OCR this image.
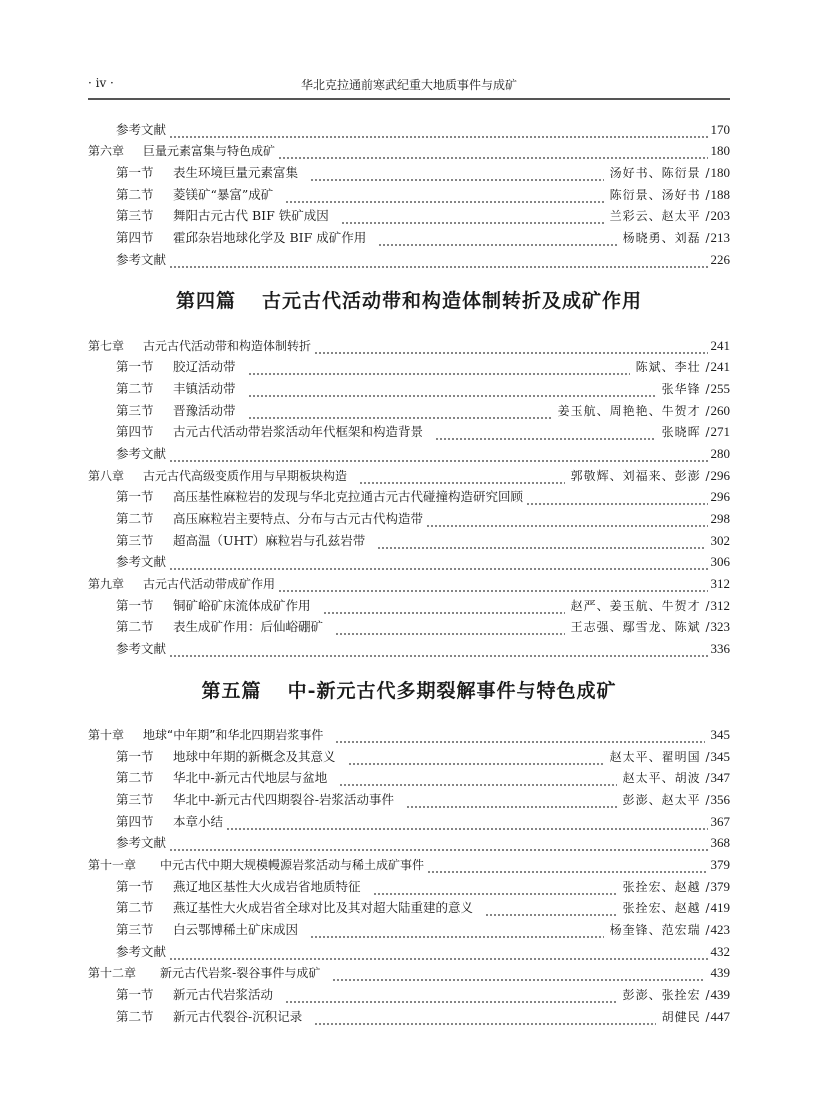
· iv ·	华北克拉通前寒武纪重大地质事件与成矿
参考文献	170
第六章	巨量元素富集与特色成矿	180
第一节	表生环境巨量元素富集	汤好书、陈衍景 / 180
第二节	菱镁矿“暴富”成矿	陈衍景、汤好书 / 188
第三节	舞阳古元古代 BIF 铁矿成因	兰彩云、赵太平 / 203
第四节	霍邱杂岩地球化学及 BIF 成矿作用	杨晓勇、刘磊 / 213
参考文献	226
第四篇 古元古代活动带和构造体制转折及成矿作用
第七章	古元古代活动带和构造体制转折	241
第一节	胶辽活动带	陈斌、李壮 / 241
第二节	丰镇活动带	张华锋 / 255
第三节	晋豫活动带	姜玉航、周艳艳、牛贺才 / 260
第四节	古元古代活动带岩浆活动年代框架和构造背景	张晓晖 / 271
参考文献	280
第八章	古元古代高级变质作用与早期板块构造	郭敬辉、刘福来、彭澎 / 296
第一节	高压基性麻粒岩的发现与华北克拉通古元古代碰撞构造研究回顾	296
第二节	高压麻粒岩主要特点、分布与古元古代构造带	298
第三节	超高温（UHT）麻粒岩与孔兹岩带	302
参考文献	306
第九章	古元古代活动带成矿作用	312
第一节	铜矿峪矿床流体成矿作用	赵严、姜玉航、牛贺才 / 312
第二节	表生成矿作用：后仙峪硼矿	王志强、鄢雪龙、陈斌 / 323
参考文献	336
第五篇 中-新元古代多期裂解事件与特色成矿
第十章	地球“中年期”和华北四期岩浆事件	345
第一节	地球中年期的新概念及其意义	赵太平、翟明国 / 345
第二节	华北中-新元古代地层与盆地	赵太平、胡波 / 347
第三节	华北中-新元古代四期裂谷-岩浆活动事件	彭澎、赵太平 / 356
第四节	本章小结	367
参考文献	368
第十一章	中元古代中期大规模幔源岩浆活动与稀土成矿事件	379
第一节	燕辽地区基性大火成岩省地质特征	张拴宏、赵越 / 379
第二节	燕辽基性大火成岩省全球对比及其对超大陆重建的意义	张拴宏、赵越 / 419
第三节	白云鄂博稀土矿床成因	杨奎锋、范宏瑞 / 423
参考文献	432
第十二章	新元古代岩浆-裂谷事件与成矿	439
第一节	新元古代岩浆活动	彭澎、张拴宏 / 439
第二节	新元古代裂谷-沉积记录	胡健民 / 447
